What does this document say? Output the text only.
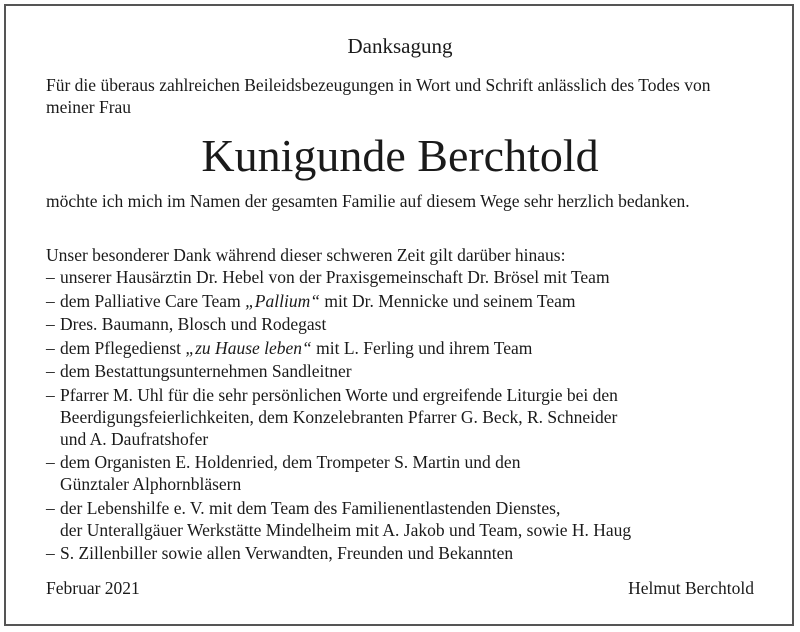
Danksagung
Für die überaus zahlreichen Beileidsbezeugungen in Wort und Schrift anlässlich des Todes von meiner Frau
Kunigunde Berchtold
möchte ich mich im Namen der gesamten Familie auf diesem Wege sehr herzlich bedanken.
Unser besonderer Dank während dieser schweren Zeit gilt darüber hinaus:
– unserer Hausärztin Dr. Hebel von der Praxisgemeinschaft Dr. Brösel mit Team
– dem Palliative Care Team „Pallium“ mit Dr. Mennicke und seinem Team
– Dres. Baumann, Blosch und Rodegast
– dem Pflegedienst „zu Hause leben“ mit L. Ferling und ihrem Team
– dem Bestattungsunternehmen Sandleitner
– Pfarrer M. Uhl für die sehr persönlichen Worte und ergreifende Liturgie bei den
Beerdigungsfeierlichkeiten, dem Konzelebranten Pfarrer G. Beck, R. Schneider
und A. Daufratshofer
– dem Organisten E. Holdenried, dem Trompeter S. Martin und den
Günztaler Alphornbläsern
– der Lebenshilfe e. V. mit dem Team des Familienentlastenden Dienstes,
der Unterallgäuer Werkstätte Mindelheim mit A. Jakob und Team, sowie H. Haug
– S. Zillenbiller sowie allen Verwandten, Freunden und Bekannten
Februar 2021	Helmut Berchtold
